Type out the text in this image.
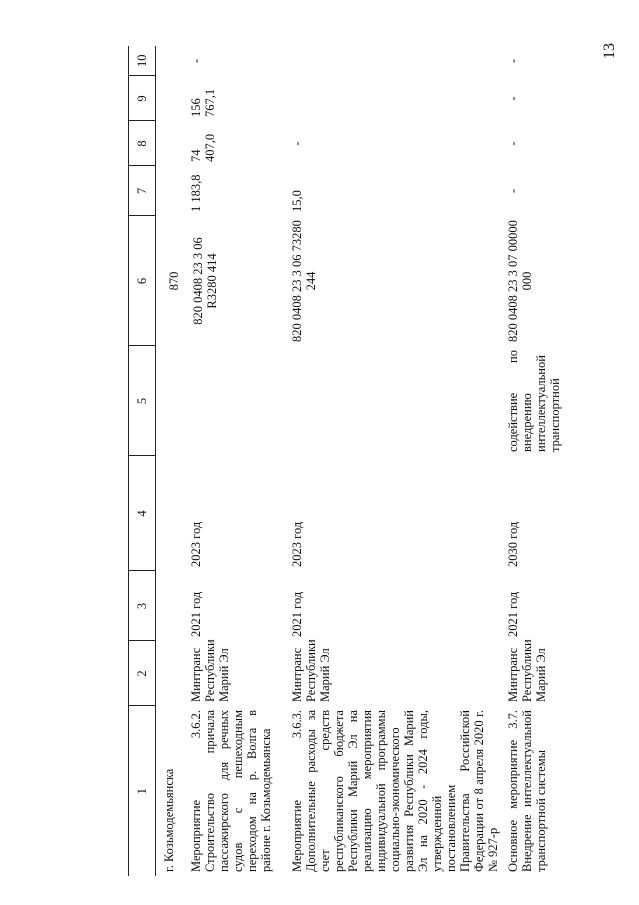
13
1	2	3	4	5	6	7	8	9	10
г. Козьмодемьянска									
Мероприятие 3.6.2. Строительство причала пассажирского для речных судов с пешеходным переходом на р. Волга в районе г. Козьмодемьянска	Минтранс Республики Марий Эл	2021 год	2023 год		870 820 0408 23 3 06 R3280 414	1 183,8	74 407,0	156 767,1	-
Мероприятие 3.6.3. Дополнительные расходы за счет средств республиканского бюджета Республики Марий Эл на реализацию мероприятия индивидуальной программы социально-экономического развития Республики Марий Эл на 2020 - 2024 годы, утвержденной постановлением Правительства Российской Федерации от 8 апреля 2020 г. № 927-р	Минтранс Республики Марий Эл	2021 год	2023 год		820 0408 23 3 06 73280 244	15,0	-		
Основное мероприятие 3.7. Внедрение интеллектуальной транспортной системы	Минтранс Республики Марий Эл	2021 год	2030 год	содействие по внедрению интеллектуальной транспортной	820 0408 23 3 07 00000 000	-	-	-	-
